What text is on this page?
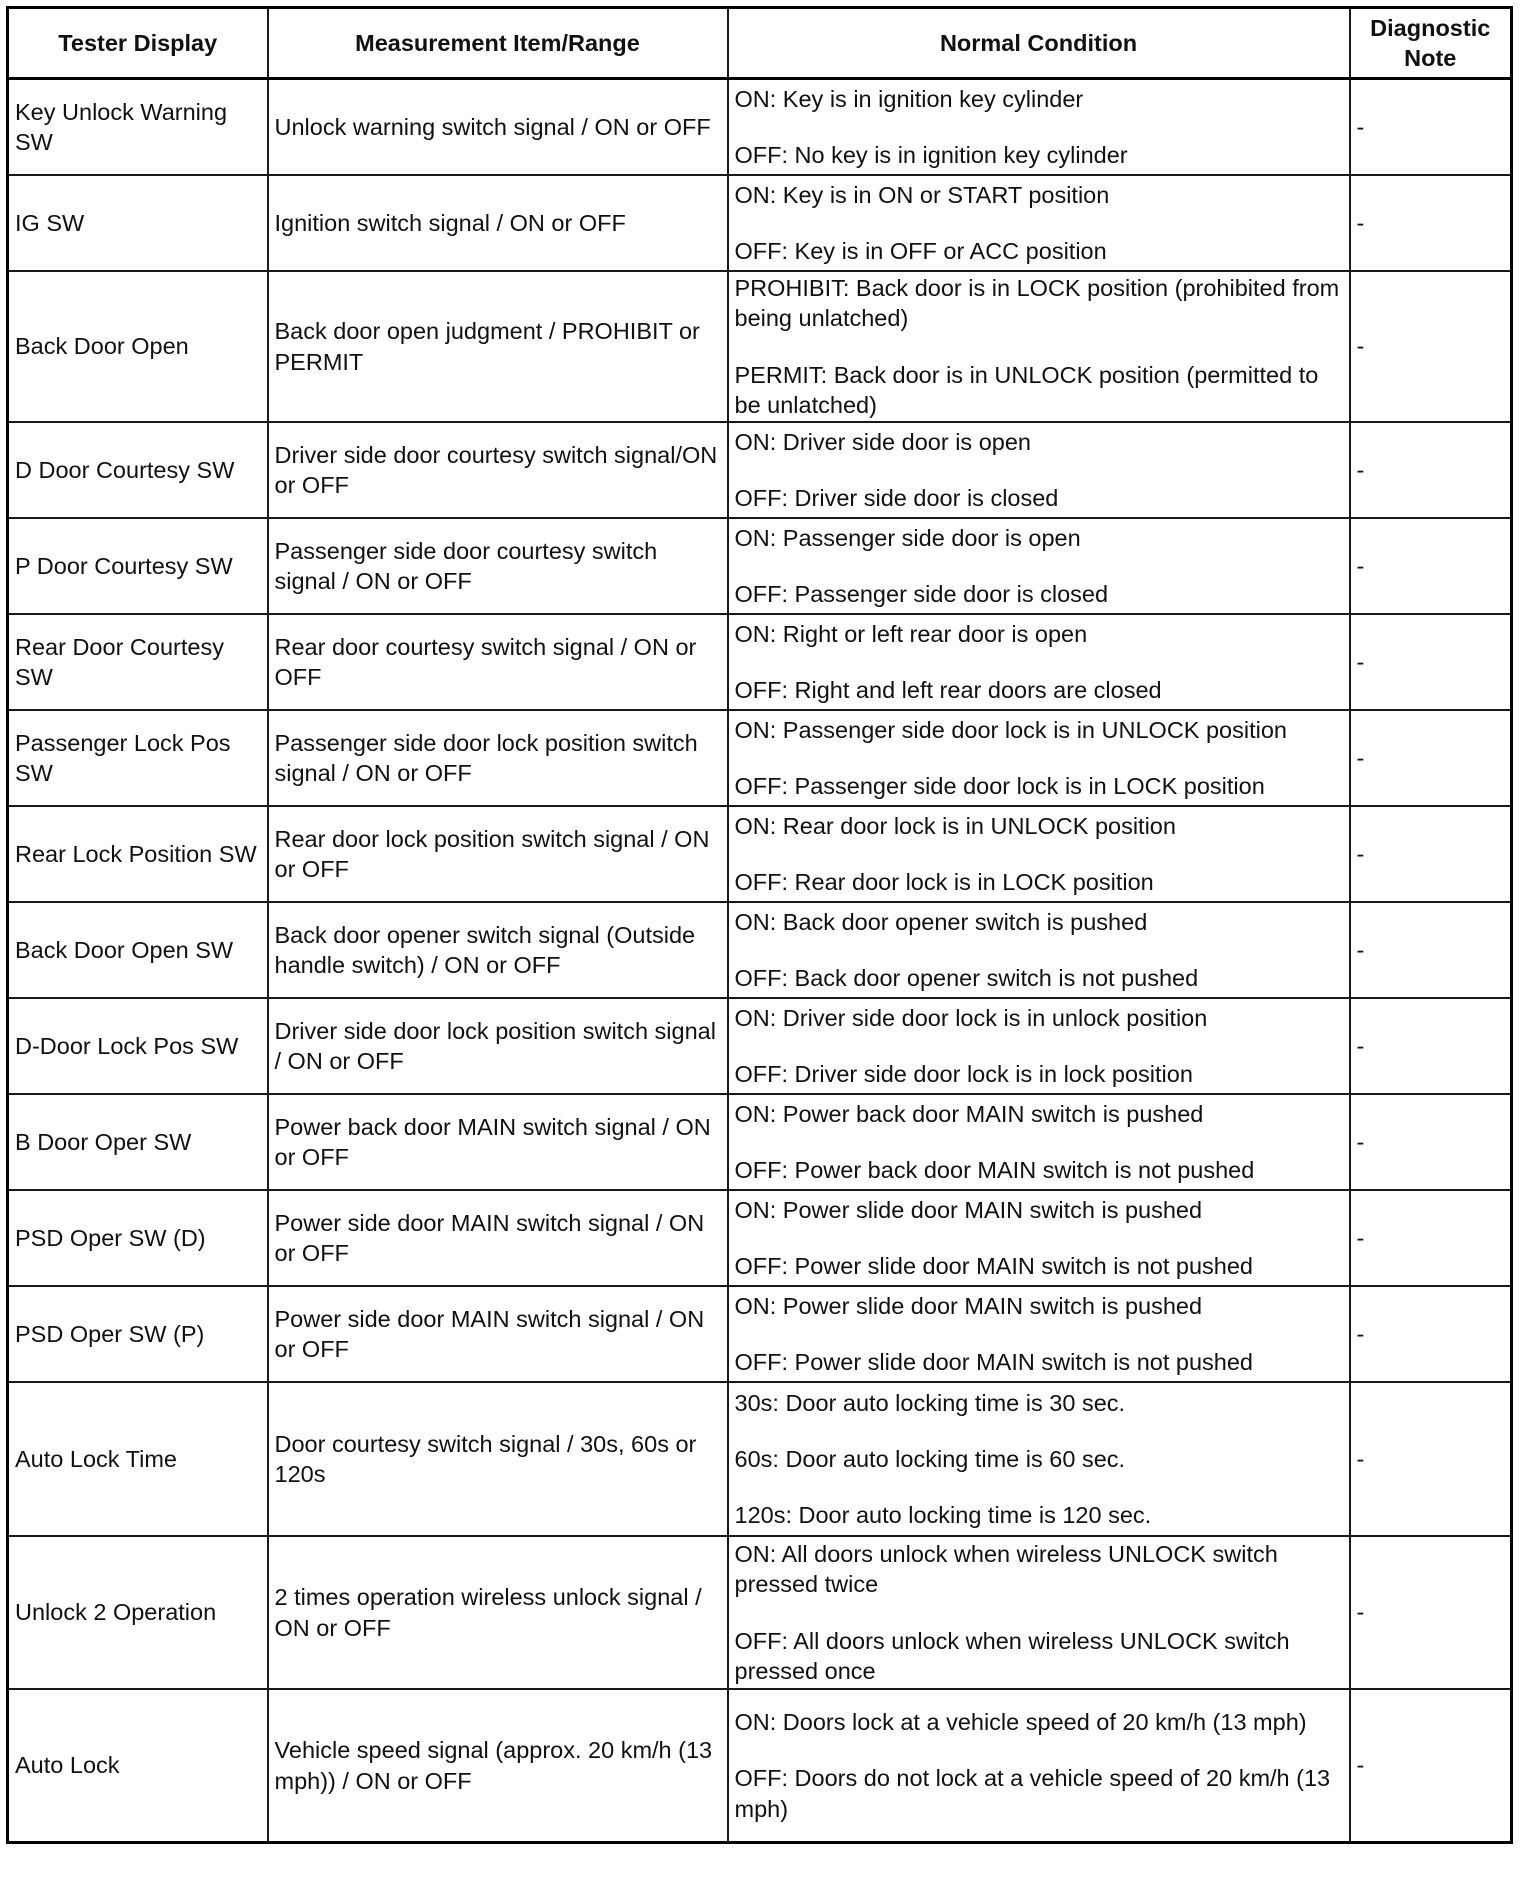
Tester Display	Measurement Item/Range	Normal Condition	Diagnostic Note
Key Unlock Warning SW	Unlock warning switch signal / ON or OFF	ON: Key is in ignition key cylinder

OFF: No key is in ignition key cylinder	-
IG SW	Ignition switch signal / ON or OFF	ON: Key is in ON or START position

OFF: Key is in OFF or ACC position	-
Back Door Open	Back door open judgment / PROHIBIT or PERMIT	PROHIBIT: Back door is in LOCK position (prohibited from being unlatched)

PERMIT: Back door is in UNLOCK position (permitted to be unlatched)	-
D Door Courtesy SW	Driver side door courtesy switch signal/ON or OFF	ON: Driver side door is open

OFF: Driver side door is closed	-
P Door Courtesy SW	Passenger side door courtesy switch signal / ON or OFF	ON: Passenger side door is open

OFF: Passenger side door is closed	-
Rear Door Courtesy SW	Rear door courtesy switch signal / ON or OFF	ON: Right or left rear door is open

OFF: Right and left rear doors are closed	-
Passenger Lock Pos SW	Passenger side door lock position switch signal / ON or OFF	ON: Passenger side door lock is in UNLOCK position

OFF: Passenger side door lock is in LOCK position	-
Rear Lock Position SW	Rear door lock position switch signal / ON or OFF	ON: Rear door lock is in UNLOCK position

OFF: Rear door lock is in LOCK position	-
Back Door Open SW	Back door opener switch signal (Outside handle switch) / ON or OFF	ON: Back door opener switch is pushed

OFF: Back door opener switch is not pushed	-
D-Door Lock Pos SW	Driver side door lock position switch signal / ON or OFF	ON: Driver side door lock is in unlock position

OFF: Driver side door lock is in lock position	-
B Door Oper SW	Power back door MAIN switch signal / ON or OFF	ON: Power back door MAIN switch is pushed

OFF: Power back door MAIN switch is not pushed	-
PSD Oper SW (D)	Power side door MAIN switch signal / ON or OFF	ON: Power slide door MAIN switch is pushed

OFF: Power slide door MAIN switch is not pushed	-
PSD Oper SW (P)	Power side door MAIN switch signal / ON or OFF	ON: Power slide door MAIN switch is pushed

OFF: Power slide door MAIN switch is not pushed	-
Auto Lock Time	Door courtesy switch signal / 30s, 60s or 120s	30s: Door auto locking time is 30 sec.

60s: Door auto locking time is 60 sec.

120s: Door auto locking time is 120 sec.	-
Unlock 2 Operation	2 times operation wireless unlock signal / ON or OFF	ON: All doors unlock when wireless UNLOCK switch pressed twice

OFF: All doors unlock when wireless UNLOCK switch pressed once	-
Auto Lock	Vehicle speed signal (approx. 20 km/h (13 mph)) / ON or OFF	ON: Doors lock at a vehicle speed of 20 km/h (13 mph)

OFF: Doors do not lock at a vehicle speed of 20 km/h (13 mph)	-
